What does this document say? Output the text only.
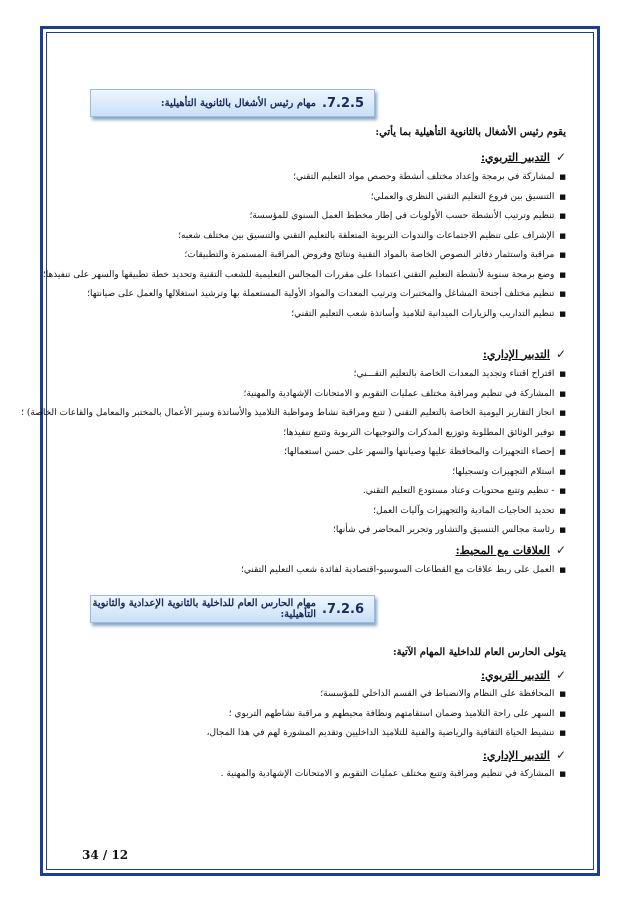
7.2.5.
مهام رئيس الأشغال بالثانوية التأهيلية:
يقوم رئيس الأشغال بالثانوية التأهيلية بما يأتي:
✓
التدبير التربوي:
■
لمشاركة في برمجة وإعداد مختلف أنشطة وحصص مواد التعليم التقني؛
■
التنسيق بين فروع التعليم التقني النظري والعملي؛
■
تنظيم وترتيب الأنشطة حسب الأولويات في إطار مخطط العمل السنوي للمؤسسة؛
■
الإشراف على تنظيم الاجتماعات والندوات التربوية المتعلقة بالتعليم التقني والتنسيق بين مختلف شعبه؛
■
مراقبة واستثمار دفاتر النصوص الخاصة بالمواد التقنية ونتائج وفروض المراقبة المستمرة والتطبيقات؛
■
وضع برمجة سنوية لأنشطة التعليم التقني اعتمادا على مقررات المجالس التعليمية للشعب التقنية وتحديد خطة تطبيقها والسهر على تنفيذها؛
■
تنظيم مختلف أجنحة المشاغل والمختبرات وترتيب المعدات والمواد الأولية المستعملة بها وترشيد استغلالها والعمل على صيانتها؛
■
تنظيم التداريب والزيارات الميدانية لتلاميذ وأساتذة شعب التعليم التقني؛
✓
التدبير الإداري:
■
اقتراح اقتناء وتجديد المعدات الخاصة بالتعليم التقـــني؛
■
المشاركة في تنظيم ومراقبة مختلف عمليات التقويم و الامتحانات الإشهادية والمهنية؛
■
انجاز التقارير اليومية الخاصة بالتعليم التقني ( تتبع ومراقبة نشاط ومواظبة التلاميذ والأساتذة وسير الأعمال بالمختبر والمعامل والقاعات الخاصة) ؛
■
توفير الوثائق المطلوبة وتوزيع المذكرات والتوجيهات التربوية وتتبع تنفيذها؛
■
إحصاء التجهيزات والمحافظة عليها وصيانتها والسهر على حسن استعمالها؛
■
استلام التجهيزات وتسجيلها؛
■
- تنظيم وتتبع محتويات وعتاد مستودع التعليم التقني.
■
تحديد الحاجيات المادية والتجهيزات وآليات العمل؛
■
رئاسة مجالس التنسيق والتشاور وتحرير المحاضر في شأنها؛
✓
العلاقات مع المحيط:
■
العمل على ربط علاقات مع القطاعات السوسيو-اقتصادية لفائدة شعب التعليم التقني؛
7.2.6.
مهام الحارس العام للداخلية بالثانوية الإعدادية والثانوية التأهيلية:
يتولى الحارس العام للداخلية المهام الآتية:
✓
التدبير التربوي:
■
المحافظة على النظام والانضباط في القسم الداخلي للمؤسسة؛
■
السهر على راحة التلاميذ وضمان استقامتهم ونظافة محيطهم و مراقبة نشاطهم التربوي ؛
■
تنشيط الحياة الثقافية والرياضية والفنية للتلاميذ الداخليين وتقديم المشورة لهم في هذا المجال،
✓
التدبير الإداري:
■
المشاركة في تنظيم ومراقبة وتتبع مختلف عمليات التقويم و الامتحانات الإشهادية والمهنية .
34 / 12
